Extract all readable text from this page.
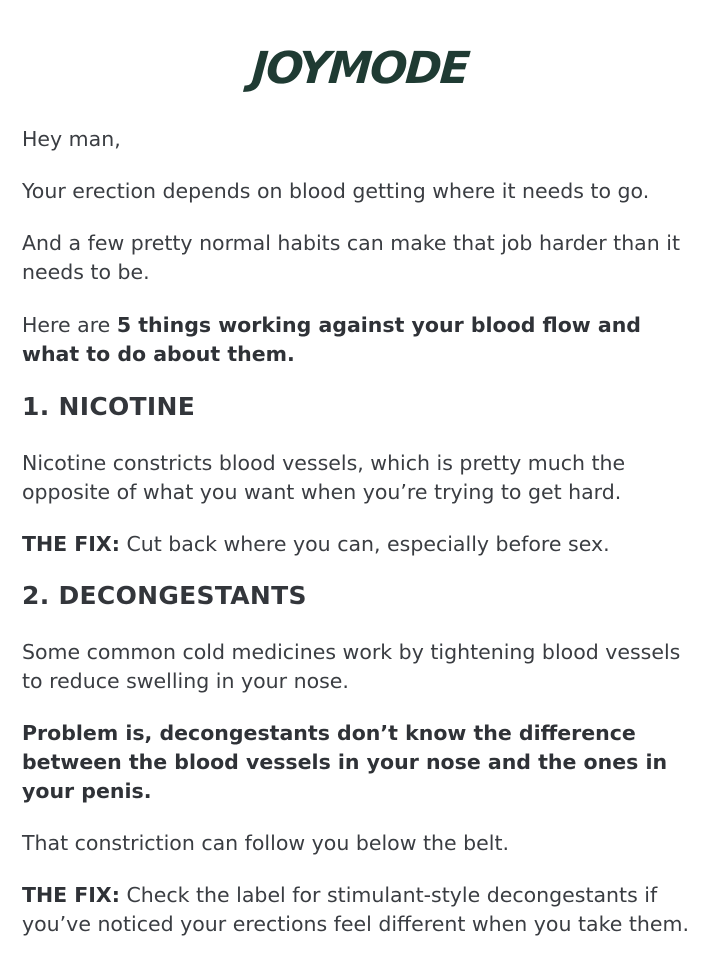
JOYMODE

Hey man,

Your erection depends on blood getting where it needs to go.

And a few pretty normal habits can make that job harder than it needs to be.

Here are 5 things working against your blood flow and what to do about them.

1. NICOTINE

Nicotine constricts blood vessels, which is pretty much the opposite of what you want when you’re trying to get hard.

THE FIX: Cut back where you can, especially before sex.

2. DECONGESTANTS

Some common cold medicines work by tightening blood vessels to reduce swelling in your nose.

Problem is, decongestants don’t know the difference between the blood vessels in your nose and the ones in your penis.

That constriction can follow you below the belt.

THE FIX: Check the label for stimulant-style decongestants if you’ve noticed your erections feel different when you take them.
